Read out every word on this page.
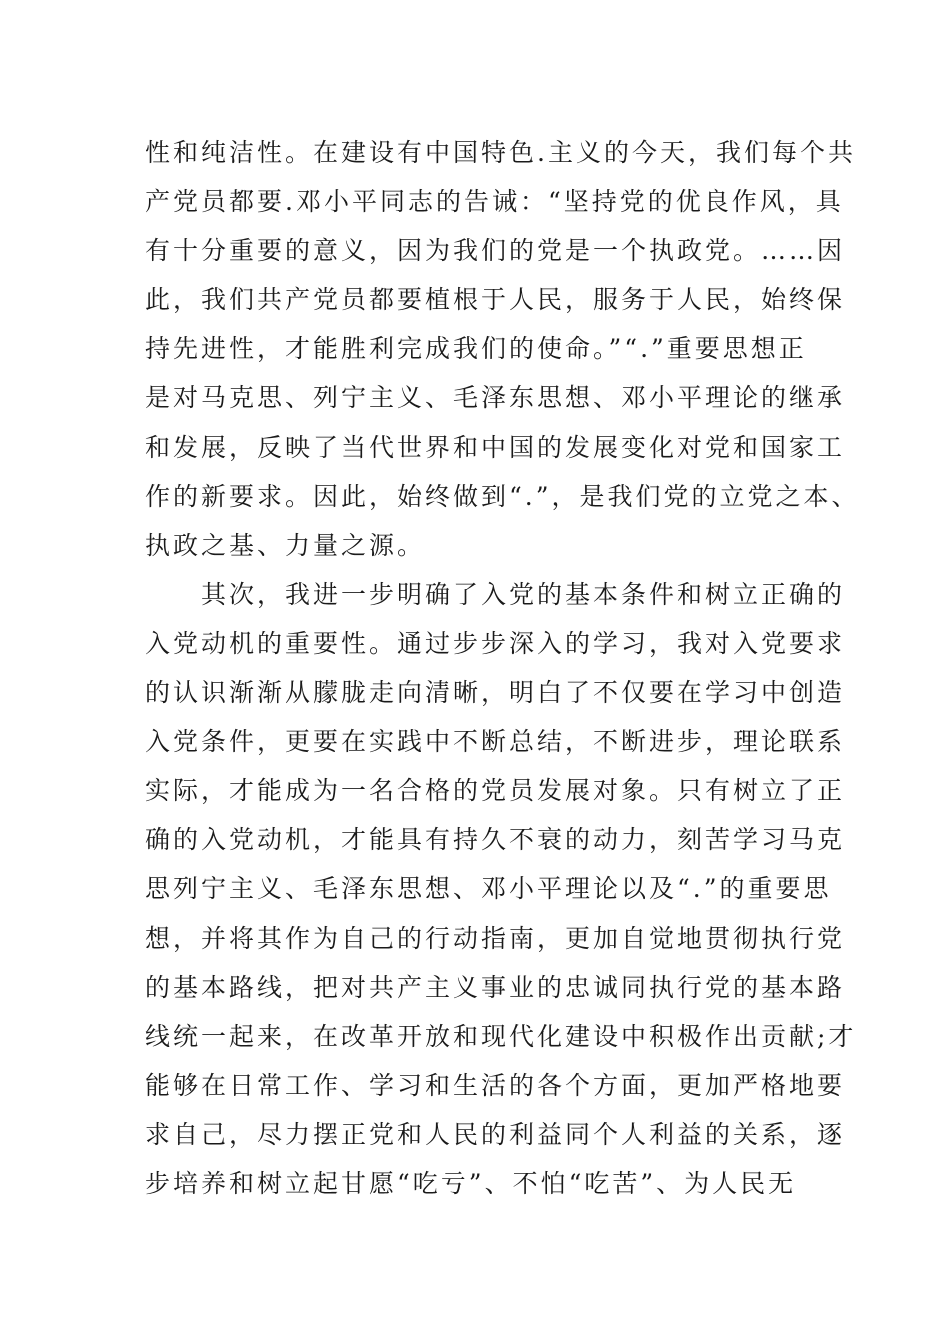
性和纯洁性。在建设有中国特色.主义的今天，我们每个共
产党员都要.邓小平同志的告诫：“坚持党的优良作风，具
有十分重要的意义，因为我们的党是一个执政党。……因
此，我们共产党员都要植根于人民，服务于人民，始终保
持先进性，才能胜利完成我们的使命。”“.”重要思想正
是对马克思、列宁主义、毛泽东思想、邓小平理论的继承
和发展，反映了当代世界和中国的发展变化对党和国家工
作的新要求。因此，始终做到“.”，是我们党的立党之本、
执政之基、力量之源。
其次，我进一步明确了入党的基本条件和树立正确的
入党动机的重要性。通过步步深入的学习，我对入党要求
的认识渐渐从朦胧走向清晰，明白了不仅要在学习中创造
入党条件，更要在实践中不断总结，不断进步，理论联系
实际，才能成为一名合格的党员发展对象。只有树立了正
确的入党动机，才能具有持久不衰的动力，刻苦学习马克
思列宁主义、毛泽东思想、邓小平理论以及“.”的重要思
想，并将其作为自己的行动指南，更加自觉地贯彻执行党
的基本路线，把对共产主义事业的忠诚同执行党的基本路
线统一起来，在改革开放和现代化建设中积极作出贡献;才
能够在日常工作、学习和生活的各个方面，更加严格地要
求自己，尽力摆正党和人民的利益同个人利益的关系，逐
步培养和树立起甘愿“吃亏”、不怕“吃苦”、为人民无
